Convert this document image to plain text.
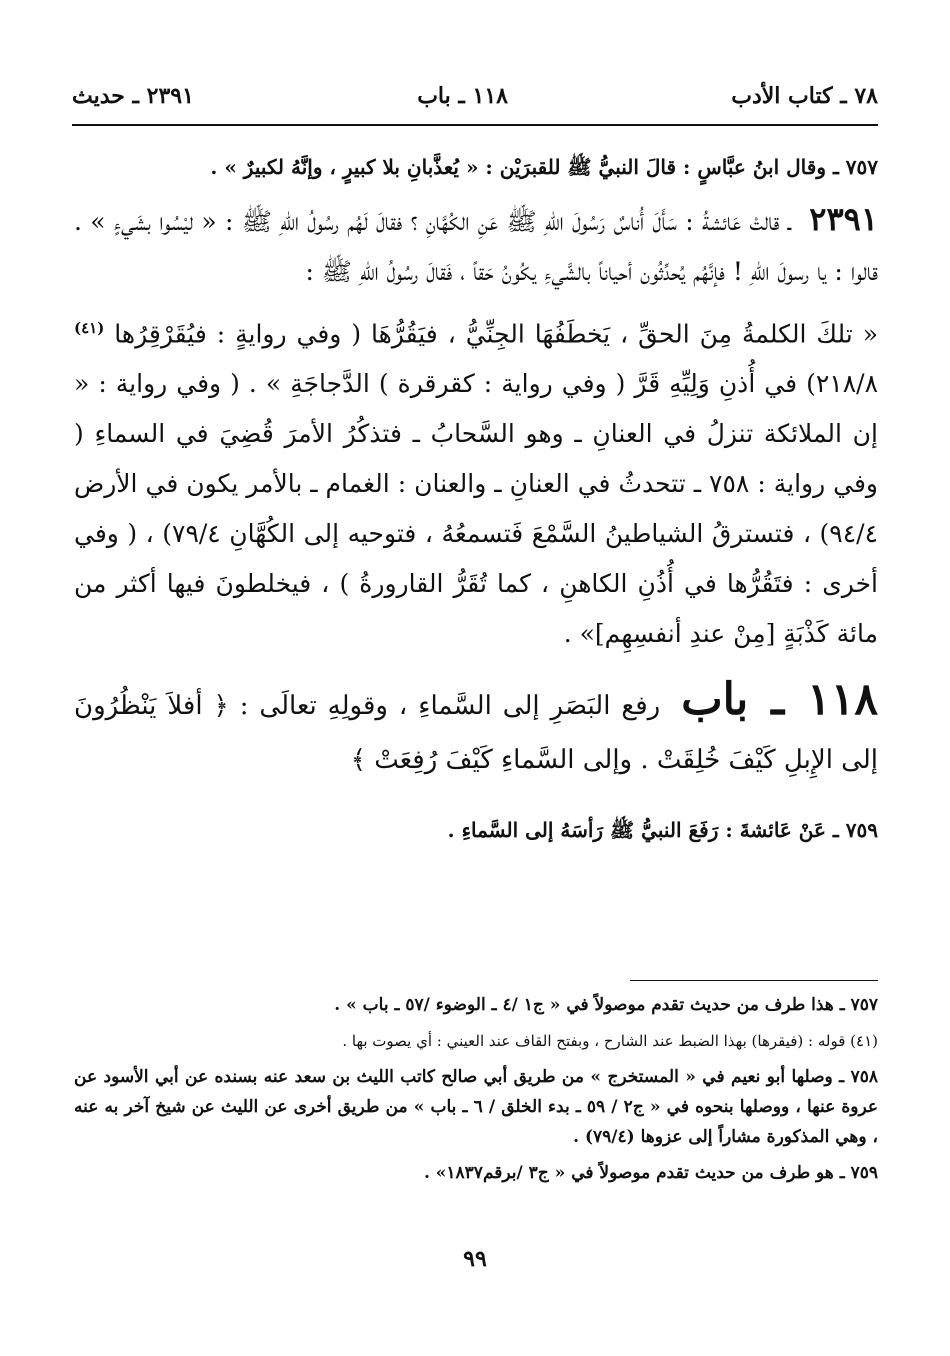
٧٨ ـ كتاب الأدب
١١٨ ـ باب
٢٣٩١ ـ حديث
٧٥٧ ـ وقال ابنُ عبَّاسٍ : قالَ النبيُّ ﷺ للقبرَيْن : « يُعذَّبانِ بلا كبيرٍ ، وإنَّهُ لكبيرٌ » .

٢٣٩١ ـ قالتْ عَائشةُ : سَأَلَ أُناسٌ رَسُولَ اللهِ ﷺ عَنِ الكُهَّانِ ؟ فقالَ لَهُم رسُولُ اللهِ ﷺ : « ليْسُوا بشَيءٍ » . قالوا : يا رسولَ اللهِ ! فإنَّهُم يُحدِّثُون أحياناً بالشَّيءِ يكُونُ حَقاً ، فَقالَ رسُولُ اللهِ ﷺ :

« تلكَ الكلمةُ مِنَ الحقِّ ، يَخطَفُهَا الجِنِّيُّ ، فيَقُرُّهَا ( وفي روايةٍ : فيُقَرْقِرُها $^{(٤١)}$ ٢١٨/٨) في أُذنِ وَلِيِّهِ قَرَّ ( وفي رواية : كقرقرة ) الدَّجاجَةِ » . ( وفي رواية : « إن الملائكة تنزلُ في العنانِ ـ وهو السَّحابُ ـ فتذكُرُ الأمرَ قُضِيَ في السماءِ ( وفي رواية : ٧٥٨ ـ تتحدثُ في العنانِ ـ والعنان : الغمام ـ بالأمر يكون في الأرض ٩٤/٤) ، فتسترقُ الشياطينُ السَّمْعَ فَتسمعُهُ ، فتوحيه إلى الكُهَّانِ ٧٩/٤) ، ( وفي أخرى : فتَقُرُّها في أُذُنِ الكاهنِ ، كما تُقَرُّ القارورةُ ) ، فيخلطونَ فيها أكثر من مائة كَذْبَةٍ [مِنْ عندِ أنفسِهِم]» .

١١٨ ـ باب رفع البَصَرِ إلى السَّماءِ ، وقولِهِ تعالَى : ﴿ أفلاَ يَنْظُرُونَ إلى الإِبلِ كَيْفَ خُلِقَتْ . وإلى السَّماءِ كَيْفَ رُفِعَتْ ﴾

٧٥٩ ـ عَنْ عَائشةَ : رَفَعَ النبيُّ ﷺ رَأسَهُ إلى السَّماءِ .
٧٥٧ ـ هذا طرف من حديث تقدم موصولاً في « ج١ /٤ ـ الوضوء /٥٧ ـ باب » .
(٤١) قوله : (فيقرها) بهذا الضبط عند الشارح ، وبفتح القاف عند العيني : أي يصوت بها .
٧٥٨ ـ وصلها أبو نعيم في « المستخرج » من طريق أبي صالح كاتب الليث بن سعد عنه بسنده عن أبي الأسود عن عروة عنها ، ووصلها بنحوه في « ج٢ / ٥٩ ـ بدء الخلق / ٦ ـ باب » من طريق أخرى عن الليث عن شيخ آخر به عنه ، وهي المذكورة مشاراً إلى عزوها (٧٩/٤) .
٧٥٩ ـ هو طرف من حديث تقدم موصولاً في « ج٣ /برقم١٨٣٧» .
٩٩
